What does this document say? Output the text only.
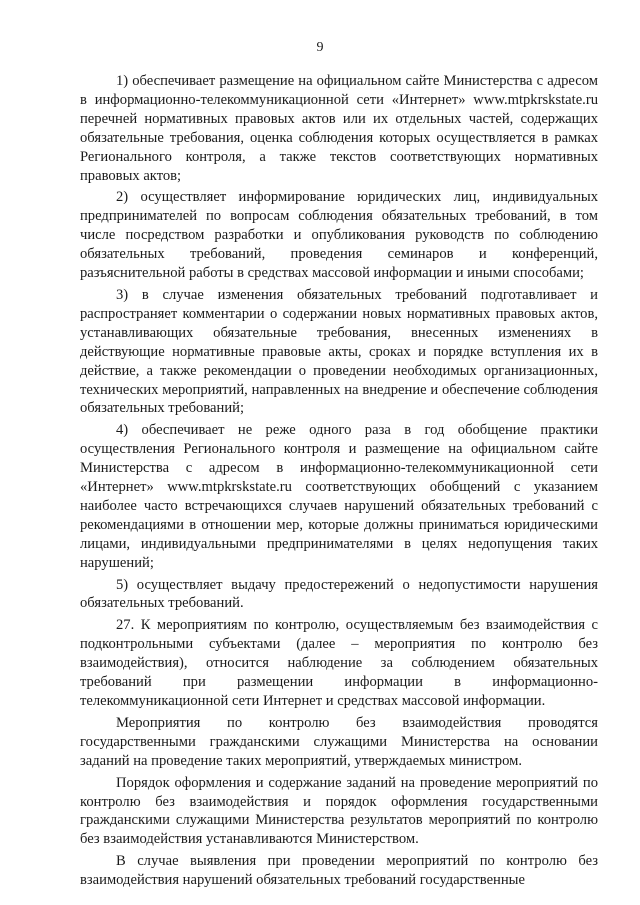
9

1) обеспечивает размещение на официальном сайте Министерства с адресом в информационно-телекоммуникационной сети «Интернет» www.mtpkrskstate.ru перечней нормативных правовых актов или их отдельных частей, содержащих обязательные требования, оценка соблюдения которых осуществляется в рамках Регионального контроля, а также текстов соответствующих нормативных правовых актов;

2) осуществляет информирование юридических лиц, индивидуальных предпринимателей по вопросам соблюдения обязательных требований, в том числе посредством разработки и опубликования руководств по соблюдению обязательных требований, проведения семинаров и конференций, разъяснительной работы в средствах массовой информации и иными способами;

3) в случае изменения обязательных требований подготавливает и распространяет комментарии о содержании новых нормативных правовых актов, устанавливающих обязательные требования, внесенных изменениях в действующие нормативные правовые акты, сроках и порядке вступления их в действие, а также рекомендации о проведении необходимых организационных, технических мероприятий, направленных на внедрение и обеспечение соблюдения обязательных требований;

4) обеспечивает не реже одного раза в год обобщение практики осуществления Регионального контроля и размещение на официальном сайте Министерства с адресом в информационно-телекоммуникационной сети «Интернет» www.mtpkrskstate.ru соответствующих обобщений с указанием наиболее часто встречающихся случаев нарушений обязательных требований с рекомендациями в отношении мер, которые должны приниматься юридическими лицами, индивидуальными предпринимателями в целях недопущения таких нарушений;

5) осуществляет выдачу предостережений о недопустимости нарушения обязательных требований.

27. К мероприятиям по контролю, осуществляемым без взаимодействия с подконтрольными субъектами (далее – мероприятия по контролю без взаимодействия), относится наблюдение за соблюдением обязательных требований при размещении информации в информационно-телекоммуникационной сети Интернет и средствах массовой информации.

Мероприятия по контролю без взаимодействия проводятся государственными гражданскими служащими Министерства на основании заданий на проведение таких мероприятий, утверждаемых министром.

Порядок оформления и содержание заданий на проведение мероприятий по контролю без взаимодействия и порядок оформления государственными гражданскими служащими Министерства результатов мероприятий по контролю без взаимодействия устанавливаются Министерством.

В случае выявления при проведении мероприятий по контролю без взаимодействия нарушений обязательных требований государственные
